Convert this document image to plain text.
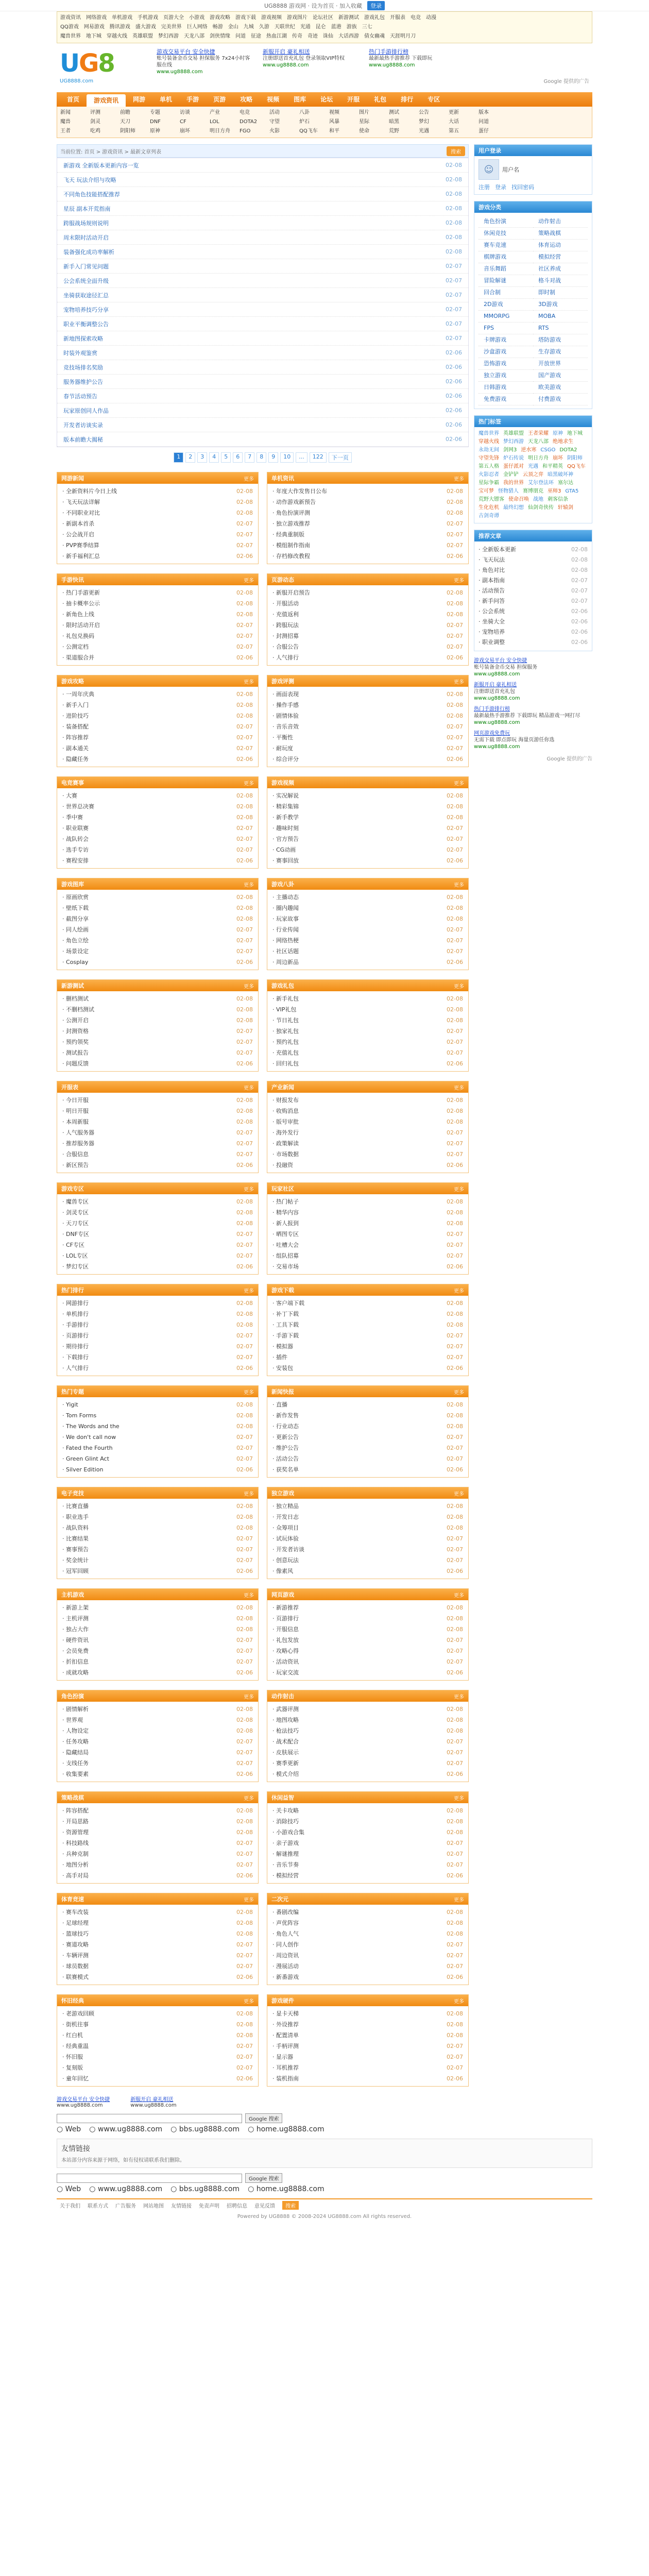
UG8888 游戏网 · 设为首页 · 加入收藏	登录
游戏资讯 网络游戏 单机游戏 手机游戏 页游大全 小游戏 游戏攻略 游戏下载 游戏视频 游戏图片 论坛社区 新游测试 游戏礼包 开服表 电竞 动漫
QQ游戏 网易游戏 腾讯游戏 盛大游戏 完美世界 巨人网络 畅游 金山 九城 久游 天联世纪 光通 昆仑 蓝港 游族 三七
魔兽世界 地下城 穿越火线 英雄联盟 梦幻西游 天龙八部 剑侠情缘 问道 征途 热血江湖 传奇 奇迹 诛仙 大话西游 倩女幽魂 天涯明月刀
UG8
UG8888.com
游戏交易平台 安全快捷
账号装备金币交易 担保服务 7x24小时客服在线
www.ug8888.com
新服开启 豪礼相送
注册即送首充礼包 登录领取VIP特权
www.ug8888.com
热门手游排行榜
最新最热手游推荐 下载即玩
www.ug8888.com
Google 提供的广告
首页	游戏资讯	网游	单机	手游	页游	攻略	视频	图库	论坛	开服	礼包	排行	专区
新闻	评测	前瞻	专题	访谈	产业	电竞	活动	八卦	视频	图片	测试	公告	更新	版本
魔兽	剑灵	天刀	DNF	CF	LOL	DOTA2	守望	炉石	风暴	星际	暗黑	梦幻	大话	问道
王者	吃鸡	阴阳师	原神	崩坏	明日方舟	FGO	火影	QQ飞车	和平	使命	荒野	光遇	第五	蛋仔
当前位置: 首页 > 游戏资讯 > 最新文章列表	搜索
新游戏 全新版本更新内容一览	02-08
飞天 玩法介绍与攻略	02-08
不同角色技能搭配推荐	02-08
星辰 副本开荒指南	02-08
跨服战场规则说明	02-08
周末限时活动开启	02-08
装备强化成功率解析	02-08
新手入门常见问题	02-07
公会系统全面升级	02-07
坐骑获取途径汇总	02-07
宠物培养技巧分享	02-07
职业平衡调整公告	02-07
新地图探索攻略	02-07
时装外观鉴赏	02-06
竞技场排名奖励	02-06
服务器维护公告	02-06
春节活动预告	02-06
玩家原创同人作品	02-06
开发者访谈实录	02-06
版本前瞻大揭秘	02-06
1	2	3	4	5	6	7	8	9	10	...	122	下一页
网游新闻	更多
· 全新资料片今日上线	02-08
· 飞天玩法详解	02-08
· 不同职业对比	02-08
· 新副本首杀	02-07
· 公会战开启	02-07
· PVP赛季结算	02-07
· 新手福利汇总	02-06
单机资讯	更多
· 年度大作发售日公布	02-08
· 动作游戏新预告	02-08
· 角色扮演评测	02-08
· 独立游戏推荐	02-07
· 经典重制版	02-07
· 模组制作指南	02-07
· 存档修改教程	02-06
手游快讯	更多
· 热门手游更新	02-08
· 抽卡概率公示	02-08
· 新角色上线	02-08
· 限时活动开启	02-07
· 礼包兑换码	02-07
· 公测定档	02-07
· 渠道服合并	02-06
页游动态	更多
· 新服开启预告	02-08
· 开服活动	02-08
· 充值返利	02-08
· 跨服玩法	02-07
· 封测招募	02-07
· 合服公告	02-07
· 人气排行	02-06
游戏攻略	更多
· 一周年庆典	02-08
· 新手入门	02-08
· 进阶技巧	02-08
· 装备搭配	02-07
· 阵容推荐	02-07
· 副本通关	02-07
· 隐藏任务	02-06
游戏评测	更多
· 画面表现	02-08
· 操作手感	02-08
· 剧情体验	02-08
· 音乐音效	02-07
· 平衡性	02-07
· 耐玩度	02-07
· 综合评分	02-06
电竞赛事	更多
· 大赛	02-08
· 世界总决赛	02-08
· 季中赛	02-08
· 职业联赛	02-07
· 战队转会	02-07
· 选手专访	02-07
· 赛程安排	02-06
游戏视频	更多
· 实况解说	02-08
· 精彩集锦	02-08
· 新手教学	02-08
· 趣味时刻	02-07
· 官方预告	02-07
· CG动画	02-07
· 赛事回放	02-06
游戏图库	更多
· 原画欣赏	02-08
· 壁纸下载	02-08
· 截图分享	02-08
· 同人绘画	02-07
· 角色立绘	02-07
· 场景设定	02-07
· Cosplay	02-06
游戏八卦	更多
· 主播动态	02-08
· 圈内趣闻	02-08
· 玩家故事	02-08
· 行业传闻	02-07
· 网络热梗	02-07
· 社区话题	02-07
· 周边新品	02-06
新游测试	更多
· 删档测试	02-08
· 不删档测试	02-08
· 公测开启	02-08
· 封测资格	02-07
· 预约领奖	02-07
· 测试报告	02-07
· 问题反馈	02-06
游戏礼包	更多
· 新手礼包	02-08
· VIP礼包	02-08
· 节日礼包	02-08
· 独家礼包	02-07
· 预约礼包	02-07
· 充值礼包	02-07
· 回归礼包	02-06
开服表	更多
· 今日开服	02-08
· 明日开服	02-08
· 本周新服	02-08
· 人气服务器	02-07
· 推荐服务器	02-07
· 合服信息	02-07
· 新区预告	02-06
产业新闻	更多
· 财报发布	02-08
· 收购消息	02-08
· 版号审批	02-08
· 海外发行	02-07
· 政策解读	02-07
· 市场数据	02-07
· 投融资	02-06
游戏专区	更多
· 魔兽专区	02-08
· 剑灵专区	02-08
· 天刀专区	02-08
· DNF专区	02-07
· CF专区	02-07
· LOL专区	02-07
· 梦幻专区	02-06
玩家社区	更多
· 热门帖子	02-08
· 精华内容	02-08
· 新人报到	02-08
· 晒图专区	02-07
· 吐槽大会	02-07
· 组队招募	02-07
· 交易市场	02-06
热门排行	更多
· 网游排行	02-08
· 单机排行	02-08
· 手游排行	02-08
· 页游排行	02-07
· 期待排行	02-07
· 下载排行	02-07
· 人气排行	02-06
游戏下载	更多
· 客户端下载	02-08
· 补丁下载	02-08
· 工具下载	02-08
· 手游下载	02-07
· 模拟器	02-07
· 插件	02-07
· 安装包	02-06
热门专题	更多
· Yigit	02-08
· Tom Forms	02-08
· The Words and the	02-08
· We don't call now	02-07
· Fated the Fourth	02-07
· Green Glint Act	02-07
· Silver Edition	02-06
新闻快报	更多
· 直播	02-08
· 新作发售	02-08
· 行业动态	02-08
· 更新公告	02-07
· 维护公告	02-07
· 活动公告	02-07
· 获奖名单	02-06
电子竞技	更多
· 比赛直播	02-08
· 职业选手	02-08
· 战队资料	02-08
· 比赛结果	02-07
· 赛事预告	02-07
· 奖金统计	02-07
· 冠军回顾	02-06
独立游戏	更多
· 独立精品	02-08
· 开发日志	02-08
· 众筹项目	02-08
· 试玩体验	02-07
· 开发者访谈	02-07
· 创意玩法	02-07
· 像素风	02-06
主机游戏	更多
· 新游上架	02-08
· 主机评测	02-08
· 独占大作	02-08
· 硬件资讯	02-07
· 会员免费	02-07
· 折扣信息	02-07
· 成就攻略	02-06
网页游戏	更多
· 新游推荐	02-08
· 页游排行	02-08
· 开服信息	02-08
· 礼包发放	02-07
· 攻略心得	02-07
· 活动资讯	02-07
· 玩家交流	02-06
角色扮演	更多
· 剧情解析	02-08
· 世界观	02-08
· 人物设定	02-08
· 任务攻略	02-07
· 隐藏结局	02-07
· 支线任务	02-07
· 收集要素	02-06
动作射击	更多
· 武器评测	02-08
· 地图攻略	02-08
· 枪法技巧	02-08
· 战术配合	02-07
· 皮肤展示	02-07
· 赛季更新	02-07
· 模式介绍	02-06
策略战棋	更多
· 阵容搭配	02-08
· 开局思路	02-08
· 资源管理	02-08
· 科技路线	02-07
· 兵种克制	02-07
· 地图分析	02-07
· 高手对局	02-06
休闲益智	更多
· 关卡攻略	02-08
· 消除技巧	02-08
· 小游戏合集	02-08
· 亲子游戏	02-07
· 解谜推理	02-07
· 音乐节奏	02-07
· 模拟经营	02-06
体育竞速	更多
· 赛车改装	02-08
· 足球经理	02-08
· 篮球技巧	02-08
· 赛道攻略	02-07
· 车辆评测	02-07
· 球员数据	02-07
· 联赛模式	02-06
二次元	更多
· 番剧改编	02-08
· 声优阵容	02-08
· 角色人气	02-08
· 同人创作	02-07
· 周边资讯	02-07
· 漫展活动	02-07
· 新番游戏	02-06
怀旧经典	更多
· 老游戏回顾	02-08
· 街机往事	02-08
· 红白机	02-08
· 经典重温	02-07
· 怀旧服	02-07
· 复刻版	02-07
· 童年回忆	02-06
游戏硬件	更多
· 显卡天梯	02-08
· 外设推荐	02-08
· 配置清单	02-08
· 手柄评测	02-07
· 显示器	02-07
· 耳机推荐	02-07
· 装机指南	02-06
用户登录
☺	用户名
注册 登录 找回密码
游戏分类
角色扮演	动作射击
休闲竞技	策略战棋
赛车竞速	体育运动
棋牌游戏	模拟经营
音乐舞蹈	社区养成
冒险解谜	格斗对战
回合制	即时制
2D游戏	3D游戏
MMORPG	MOBA
FPS	RTS
卡牌游戏	塔防游戏
沙盒游戏	生存游戏
恐怖游戏	开放世界
独立游戏	国产游戏
日韩游戏	欧美游戏
免费游戏	付费游戏
热门标签
魔兽世界 英雄联盟 王者荣耀 原神 地下城
穿越火线 梦幻西游 天龙八部 绝地求生
永劫无间 剑网3 逆水寒 CSGO DOTA2
守望先锋 炉石传说 明日方舟 崩坏 阴阳师
第五人格 蛋仔派对 光遇 和平精英 QQ飞车
火影忍者 金铲铲 云顶之弈 暗黑破坏神
星际争霸 我的世界 艾尔登法环 塞尔达
宝可梦 怪物猎人 赛博朋克 巫师3 GTA5
荒野大镖客 使命召唤 战地 刺客信条
生化危机 最终幻想 仙剑奇侠传 轩辕剑
古剑奇谭
推荐文章
· 全新版本更新	02-08
· 飞天玩法	02-08
· 角色对比	02-08
· 副本指南	02-07
· 活动预告	02-07
· 新手问答	02-07
· 公会系统	02-06
· 坐骑大全	02-06
· 宠物培养	02-06
· 职业调整	02-06
游戏交易平台 安全快捷
账号装备金币交易 担保服务
www.ug8888.com
新服开启 豪礼相送
注册即送首充礼包
www.ug8888.com
热门手游排行榜
最新最热手游推荐 下载即玩 精品游戏一网打尽
www.ug8888.com
网页游戏免费玩
无需下载 即点即玩 海量页游任你选
www.ug8888.com
Google 提供的广告
游戏交易平台 安全快捷
www.ug8888.com
新服开启 豪礼相送
www.ug8888.com
Google 搜索
○ Web ○ www.ug8888.com ○ bbs.ug8888.com ○ home.ug8888.com
友情链接
本站部分内容来源于网络，如有侵权请联系我们删除。
Google 搜索
○ Web ○ www.ug8888.com ○ bbs.ug8888.com ○ home.ug8888.com
关于我们 联系方式 广告服务 网站地图 友情链接 免责声明 招聘信息 意见反馈	搜索
Powered by UG8888 © 2008-2024 UG8888.com All rights reserved.
